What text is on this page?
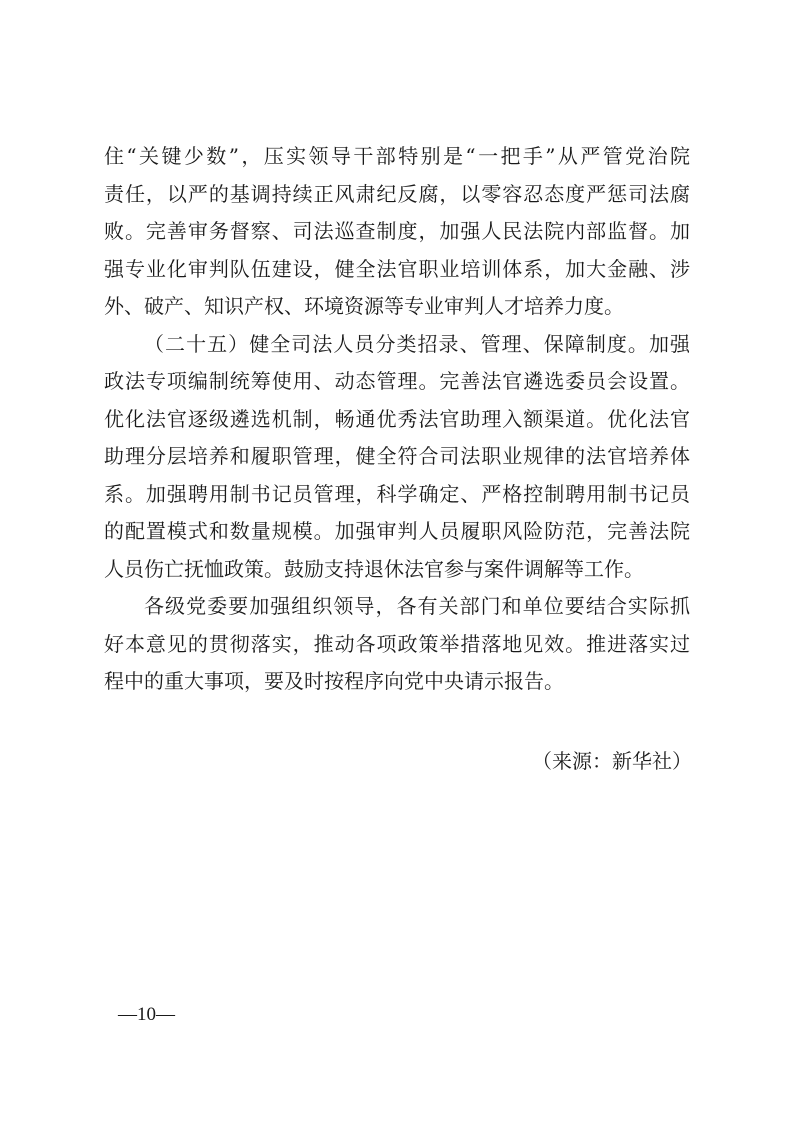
住“关键少数”，压实领导干部特别是“一把手”从严管党治院
责任，以严的基调持续正风肃纪反腐，以零容忍态度严惩司法腐
败。完善审务督察、司法巡查制度，加强人民法院内部监督。加
强专业化审判队伍建设，健全法官职业培训体系，加大金融、涉
外、破产、知识产权、环境资源等专业审判人才培养力度。
（二十五）健全司法人员分类招录、管理、保障制度。加强
政法专项编制统筹使用、动态管理。完善法官遴选委员会设置。
优化法官逐级遴选机制，畅通优秀法官助理入额渠道。优化法官
助理分层培养和履职管理，健全符合司法职业规律的法官培养体
系。加强聘用制书记员管理，科学确定、严格控制聘用制书记员
的配置模式和数量规模。加强审判人员履职风险防范，完善法院
人员伤亡抚恤政策。鼓励支持退休法官参与案件调解等工作。
各级党委要加强组织领导，各有关部门和单位要结合实际抓
好本意见的贯彻落实，推动各项政策举措落地见效。推进落实过
程中的重大事项，要及时按程序向党中央请示报告。
（来源：新华社）
—10—
